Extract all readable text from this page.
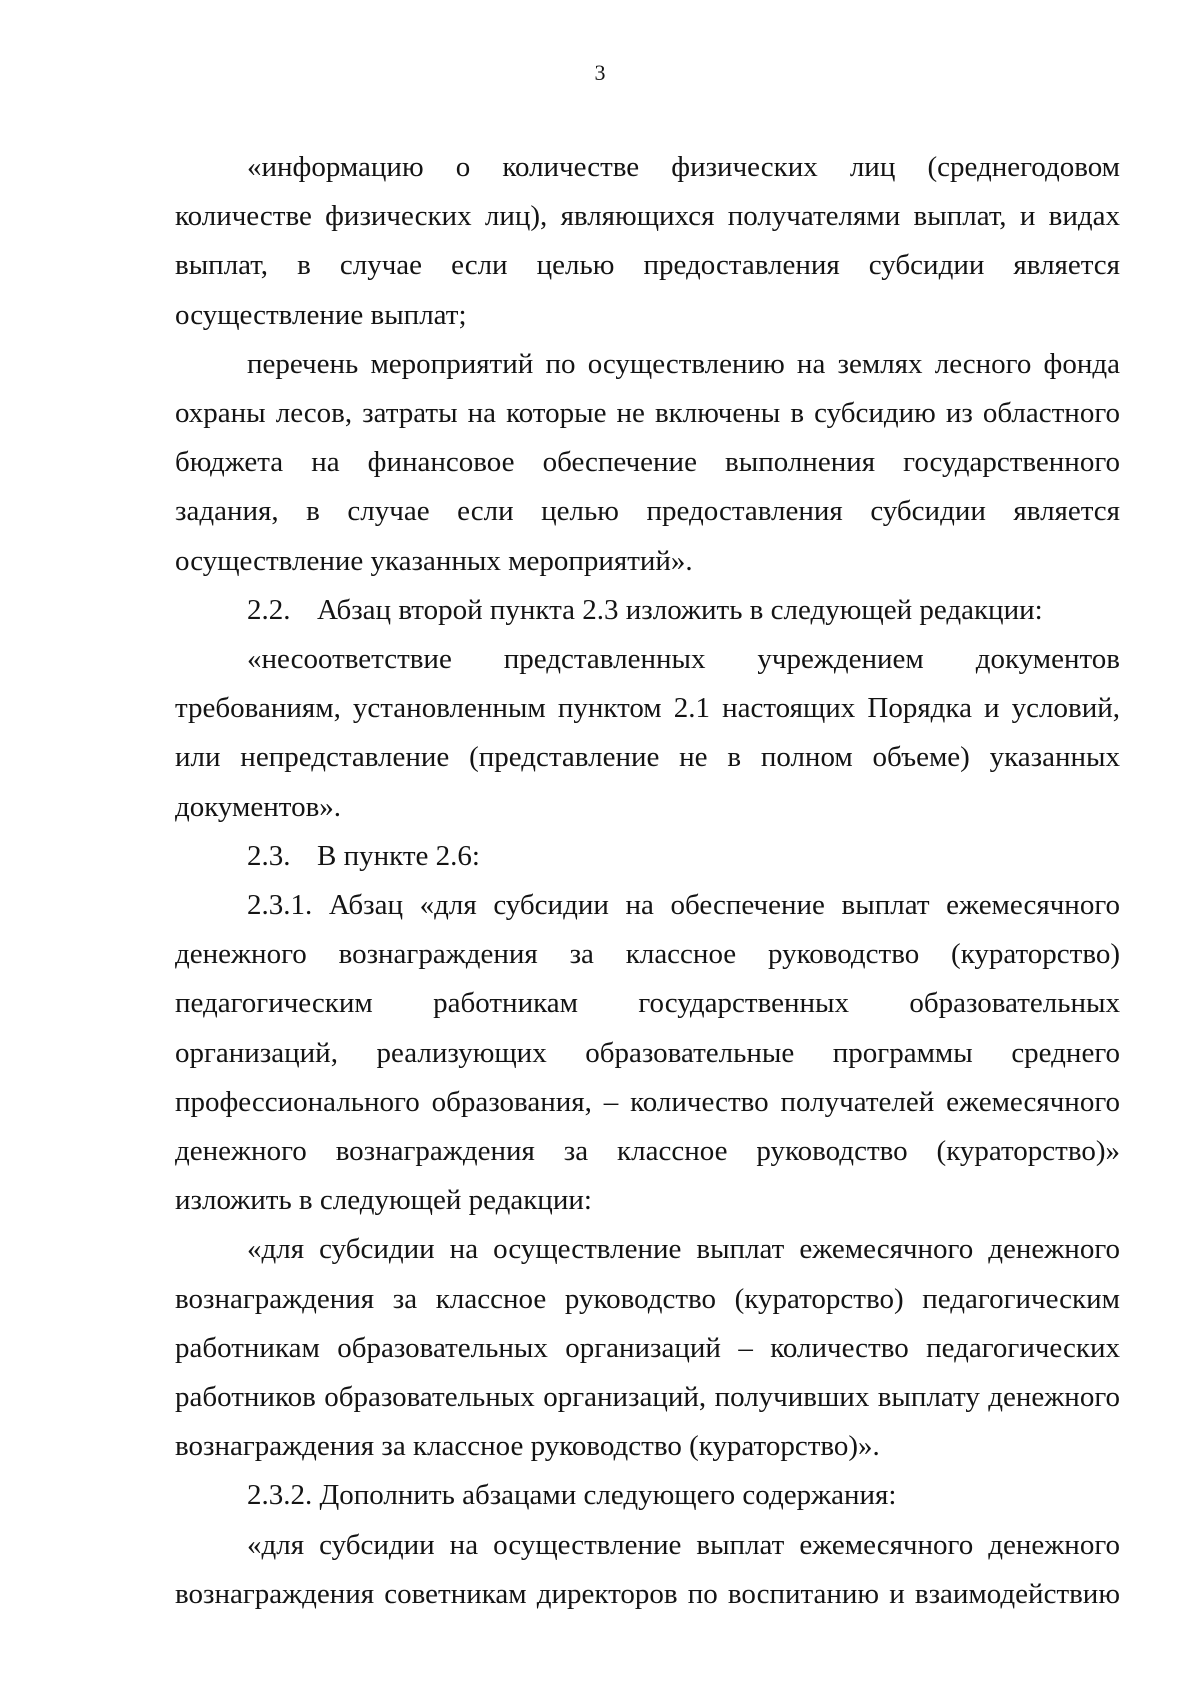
3

«информацию о количестве физических лиц (среднегодовом количестве физических лиц), являющихся получателями выплат, и видах выплат, в случае если целью предоставления субсидии является осуществление выплат;

перечень мероприятий по осуществлению на землях лесного фонда охраны лесов, затраты на которые не включены в субсидию из областного бюджета на финансовое обеспечение выполнения государственного задания, в случае если целью предоставления субсидии является осуществление указанных мероприятий».

2.2. Абзац второй пункта 2.3 изложить в следующей редакции:

«несоответствие представленных учреждением документов требованиям, установленным пунктом 2.1 настоящих Порядка и условий, или непредставление (представление не в полном объеме) указанных документов».

2.3. В пункте 2.6:

2.3.1. Абзац «для субсидии на обеспечение выплат ежемесячного денежного вознаграждения за классное руководство (кураторство) педагогическим работникам государственных образовательных организаций, реализующих образовательные программы среднего профессионального образования, – количество получателей ежемесячного денежного вознаграждения за классное руководство (кураторство)» изложить в следующей редакции:

«для субсидии на осуществление выплат ежемесячного денежного вознаграждения за классное руководство (кураторство) педагогическим работникам образовательных организаций – количество педагогических работников образовательных организаций, получивших выплату денежного вознаграждения за классное руководство (кураторство)».

2.3.2. Дополнить абзацами следующего содержания:

«для субсидии на осуществление выплат ежемесячного денежного вознаграждения советникам директоров по воспитанию и взаимодействию
